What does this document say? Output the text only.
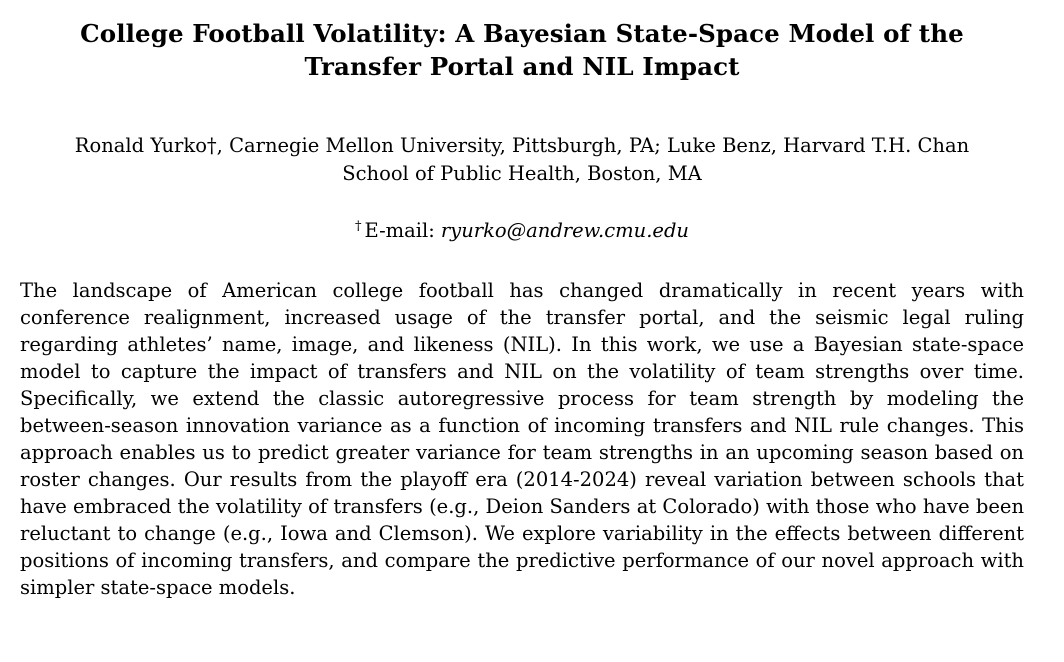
College Football Volatility: A Bayesian State-Space Model of the
Transfer Portal and NIL Impact

Ronald Yurko†, Carnegie Mellon University, Pittsburgh, PA; Luke Benz, Harvard T.H. Chan
School of Public Health, Boston, MA

† E-mail: ryurko@andrew.cmu.edu

The landscape of American college football has changed dramatically in recent years with conference realignment, increased usage of the transfer portal, and the seismic legal ruling regarding athletes’ name, image, and likeness (NIL). In this work, we use a Bayesian state-space model to capture the impact of transfers and NIL on the volatility of team strengths over time. Specifically, we extend the classic autoregressive process for team strength by modeling the between-season innovation variance as a function of incoming transfers and NIL rule changes. This approach enables us to predict greater variance for team strengths in an upcoming season based on roster changes. Our results from the playoff era (2014-2024) reveal variation between schools that have embraced the volatility of transfers (e.g., Deion Sanders at Colorado) with those who have been reluctant to change (e.g., Iowa and Clemson). We explore variability in the effects between different positions of incoming transfers, and compare the predictive performance of our novel approach with simpler state-space models.
